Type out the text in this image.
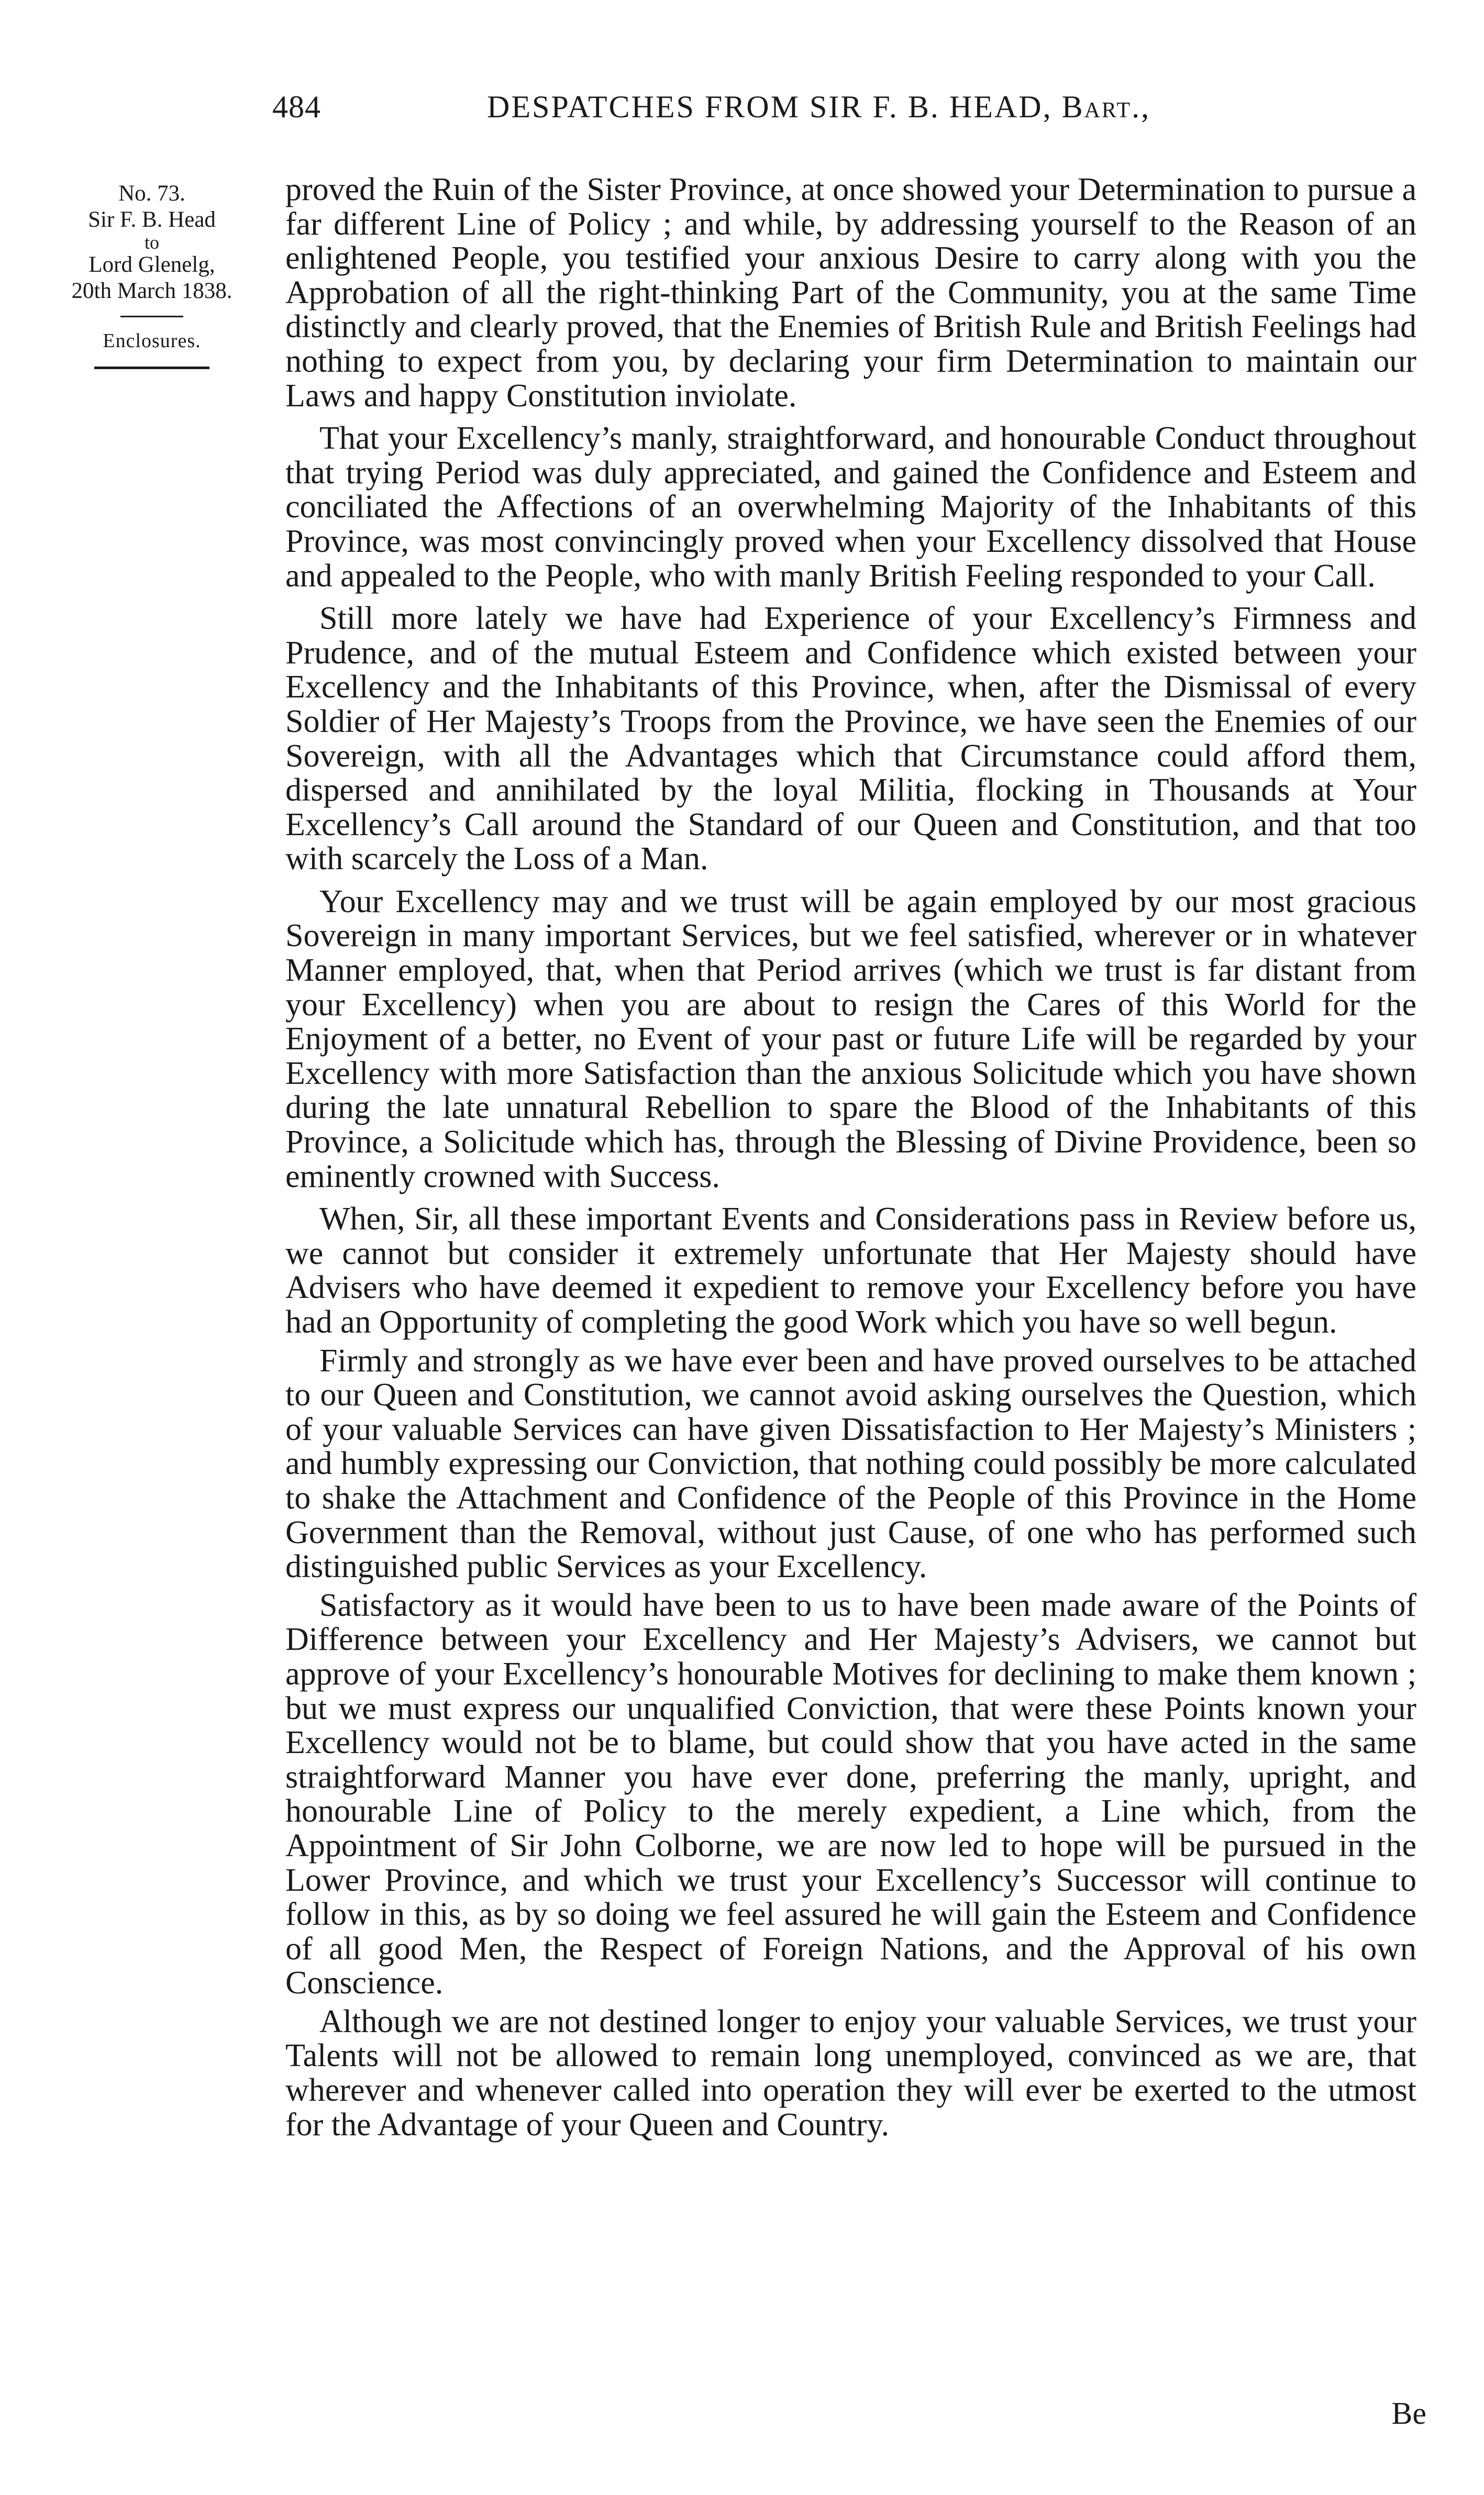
484	DESPATCHES FROM SIR F. B. HEAD, Bart.,
No. 73.
Sir F. B. Head
to
Lord Glenelg,
20th March 1838.
Enclosures.

proved the Ruin of the Sister Province, at once showed your Determination to pursue a far different Line of Policy ; and while, by addressing yourself to the Reason of an enlightened People, you testified your anxious Desire to carry along with you the Approbation of all the right-thinking Part of the Community, you at the same Time distinctly and clearly proved, that the Enemies of British Rule and British Feelings had nothing to expect from you, by declaring your firm Determination to maintain our Laws and happy Constitution inviolate.

That your Excellency’s manly, straightforward, and honourable Conduct throughout that trying Period was duly appreciated, and gained the Confidence and Esteem and conciliated the Affections of an overwhelming Majority of the Inhabitants of this Province, was most convincingly proved when your Excellency dissolved that House and appealed to the People, who with manly British Feeling responded to your Call.

Still more lately we have had Experience of your Excellency’s Firmness and Prudence, and of the mutual Esteem and Confidence which existed between your Excellency and the Inhabitants of this Province, when, after the Dismissal of every Soldier of Her Majesty’s Troops from the Province, we have seen the Enemies of our Sovereign, with all the Advantages which that Circumstance could afford them, dispersed and annihilated by the loyal Militia, flocking in Thousands at Your Excellency’s Call around the Standard of our Queen and Constitution, and that too with scarcely the Loss of a Man.

Your Excellency may and we trust will be again employed by our most gracious Sovereign in many important Services, but we feel satisfied, wherever or in whatever Manner employed, that, when that Period arrives (which we trust is far distant from your Excellency) when you are about to resign the Cares of this World for the Enjoyment of a better, no Event of your past or future Life will be regarded by your Excellency with more Satisfaction than the anxious Solicitude which you have shown during the late unnatural Rebellion to spare the Blood of the Inhabitants of this Province, a Solicitude which has, through the Blessing of Divine Providence, been so eminently crowned with Success.

When, Sir, all these important Events and Considerations pass in Review before us, we cannot but consider it extremely unfortunate that Her Majesty should have Advisers who have deemed it expedient to remove your Excellency before you have had an Opportunity of completing the good Work which you have so well begun.

Firmly and strongly as we have ever been and have proved ourselves to be attached to our Queen and Constitution, we cannot avoid asking ourselves the Question, which of your valuable Services can have given Dissatisfaction to Her Majesty’s Ministers ; and humbly expressing our Conviction, that nothing could possibly be more calculated to shake the Attachment and Confidence of the People of this Province in the Home Government than the Removal, without just Cause, of one who has performed such distinguished public Services as your Excellency.

Satisfactory as it would have been to us to have been made aware of the Points of Difference between your Excellency and Her Majesty’s Advisers, we cannot but approve of your Excellency’s honourable Motives for declining to make them known ; but we must express our unqualified Conviction, that were these Points known your Excellency would not be to blame, but could show that you have acted in the same straightforward Manner you have ever done, preferring the manly, upright, and honourable Line of Policy to the merely expedient, a Line which, from the Appointment of Sir John Colborne, we are now led to hope will be pursued in the Lower Province, and which we trust your Excellency’s Successor will continue to follow in this, as by so doing we feel assured he will gain the Esteem and Confidence of all good Men, the Respect of Foreign Nations, and the Approval of his own Conscience.

Although we are not destined longer to enjoy your valuable Services, we trust your Talents will not be allowed to remain long unemployed, convinced as we are, that wherever and whenever called into operation they will ever be exerted to the utmost for the Advantage of your Queen and Country.

Be
